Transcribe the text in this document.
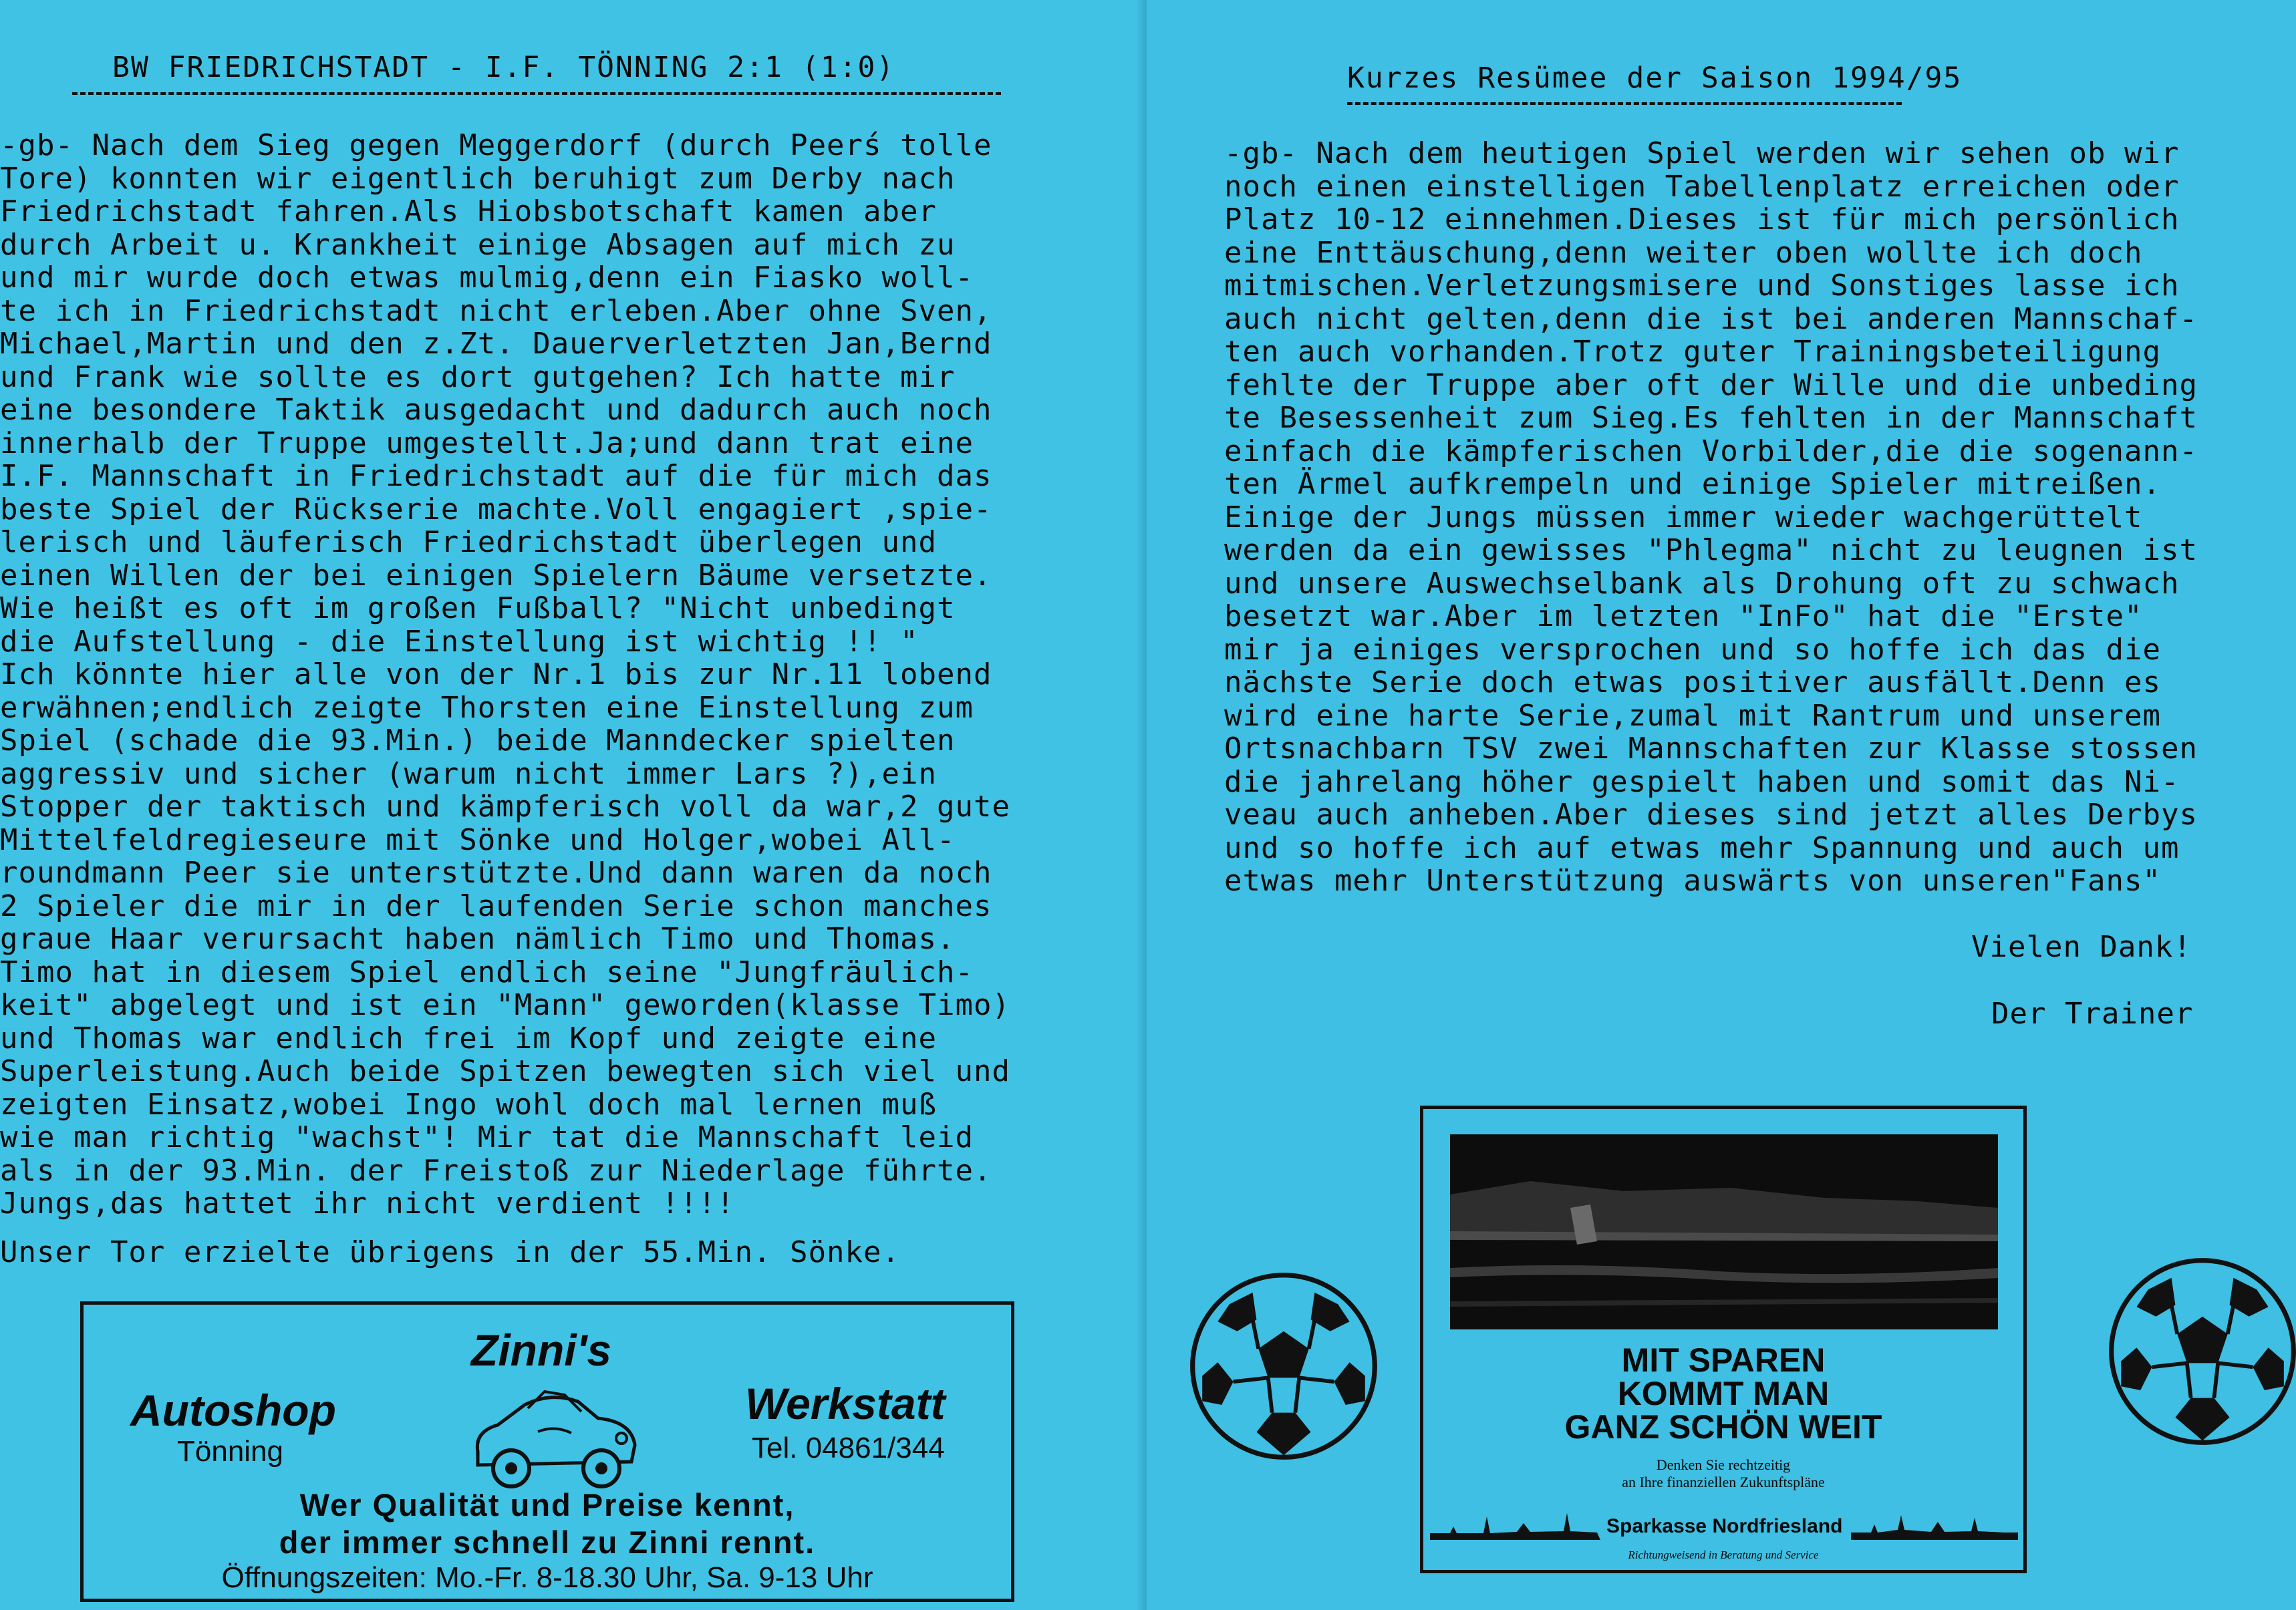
BW FRIEDRICHSTADT - I.F. TÖNNING 2:1 (1:0)
-gb- Nach dem Sieg gegen Meggerdorf (durch Peerś tolle
Tore) konnten wir eigentlich beruhigt zum Derby nach
Friedrichstadt fahren.Als Hiobsbotschaft kamen aber
durch Arbeit u. Krankheit einige Absagen auf mich zu
und mir wurde doch etwas mulmig,denn ein Fiasko woll-
te ich in Friedrichstadt nicht erleben.Aber ohne Sven,
Michael,Martin und den z.Zt. Dauerverletzten Jan,Bernd
und Frank wie sollte es dort gutgehen? Ich hatte mir
eine besondere Taktik ausgedacht und dadurch auch noch
innerhalb der Truppe umgestellt.Ja;und dann trat eine
I.F. Mannschaft in Friedrichstadt auf die für mich das
beste Spiel der Rückserie machte.Voll engagiert ,spie-
lerisch und läuferisch Friedrichstadt überlegen und
einen Willen der bei einigen Spielern Bäume versetzte.
Wie heißt es oft im großen Fußball? "Nicht unbedingt
die Aufstellung - die Einstellung ist wichtig !! "
Ich könnte hier alle von der Nr.1 bis zur Nr.11 lobend
erwähnen;endlich zeigte Thorsten eine Einstellung zum
Spiel (schade die 93.Min.) beide Manndecker spielten
aggressiv und sicher (warum nicht immer Lars ?),ein
Stopper der taktisch und kämpferisch voll da war,2 gute
Mittelfeldregieseure mit Sönke und Holger,wobei All-
roundmann Peer sie unterstützte.Und dann waren da noch
2 Spieler die mir in der laufenden Serie schon manches
graue Haar verursacht haben nämlich Timo und Thomas.
Timo hat in diesem Spiel endlich seine "Jungfräulich-
keit" abgelegt und ist ein "Mann" geworden(klasse Timo)
und Thomas war endlich frei im Kopf und zeigte eine
Superleistung.Auch beide Spitzen bewegten sich viel und
zeigten Einsatz,wobei Ingo wohl doch mal lernen muß
wie man richtig "wachst"! Mir tat die Mannschaft leid
als in der 93.Min. der Freistoß zur Niederlage führte.
Jungs,das hattet ihr nicht verdient !!!!
Unser Tor erzielte übrigens in der 55.Min. Sönke.
Zinni's
Autoshop
Tönning
Werkstatt
Tel. 04861/344
Wer Qualität und Preise kennt,
der immer schnell zu Zinni rennt.
Öffnungszeiten: Mo.-Fr. 8-18.30 Uhr, Sa. 9-13 Uhr
Kurzes Resümee der Saison 1994/95
-gb- Nach dem heutigen Spiel werden wir sehen ob wir
noch einen einstelligen Tabellenplatz erreichen oder
Platz 10-12 einnehmen.Dieses ist für mich persönlich
eine Enttäuschung,denn weiter oben wollte ich doch
mitmischen.Verletzungsmisere und Sonstiges lasse ich
auch nicht gelten,denn die ist bei anderen Mannschaf-
ten auch vorhanden.Trotz guter Trainingsbeteiligung
fehlte der Truppe aber oft der Wille und die unbeding
te Besessenheit zum Sieg.Es fehlten in der Mannschaft
einfach die kämpferischen Vorbilder,die die sogenann-
ten Ärmel aufkrempeln und einige Spieler mitreißen.
Einige der Jungs müssen immer wieder wachgerüttelt
werden da ein gewisses "Phlegma" nicht zu leugnen ist
und unsere Auswechselbank als Drohung oft zu schwach
besetzt war.Aber im letzten "InFo" hat die "Erste"
mir ja einiges versprochen und so hoffe ich das die
nächste Serie doch etwas positiver ausfällt.Denn es
wird eine harte Serie,zumal mit Rantrum und unserem
Ortsnachbarn TSV zwei Mannschaften zur Klasse stossen
die jahrelang höher gespielt haben und somit das Ni-
veau auch anheben.Aber dieses sind jetzt alles Derbys
und so hoffe ich auf etwas mehr Spannung und auch um
etwas mehr Unterstützung auswärts von unseren"Fans"
Vielen Dank!
Der Trainer
MIT SPAREN
KOMMT MAN
GANZ SCHÖN WEIT
Denken Sie rechtzeitig
an Ihre finanziellen Zukunftspläne
Sparkasse Nordfriesland
Richtungweisend in Beratung und Service
